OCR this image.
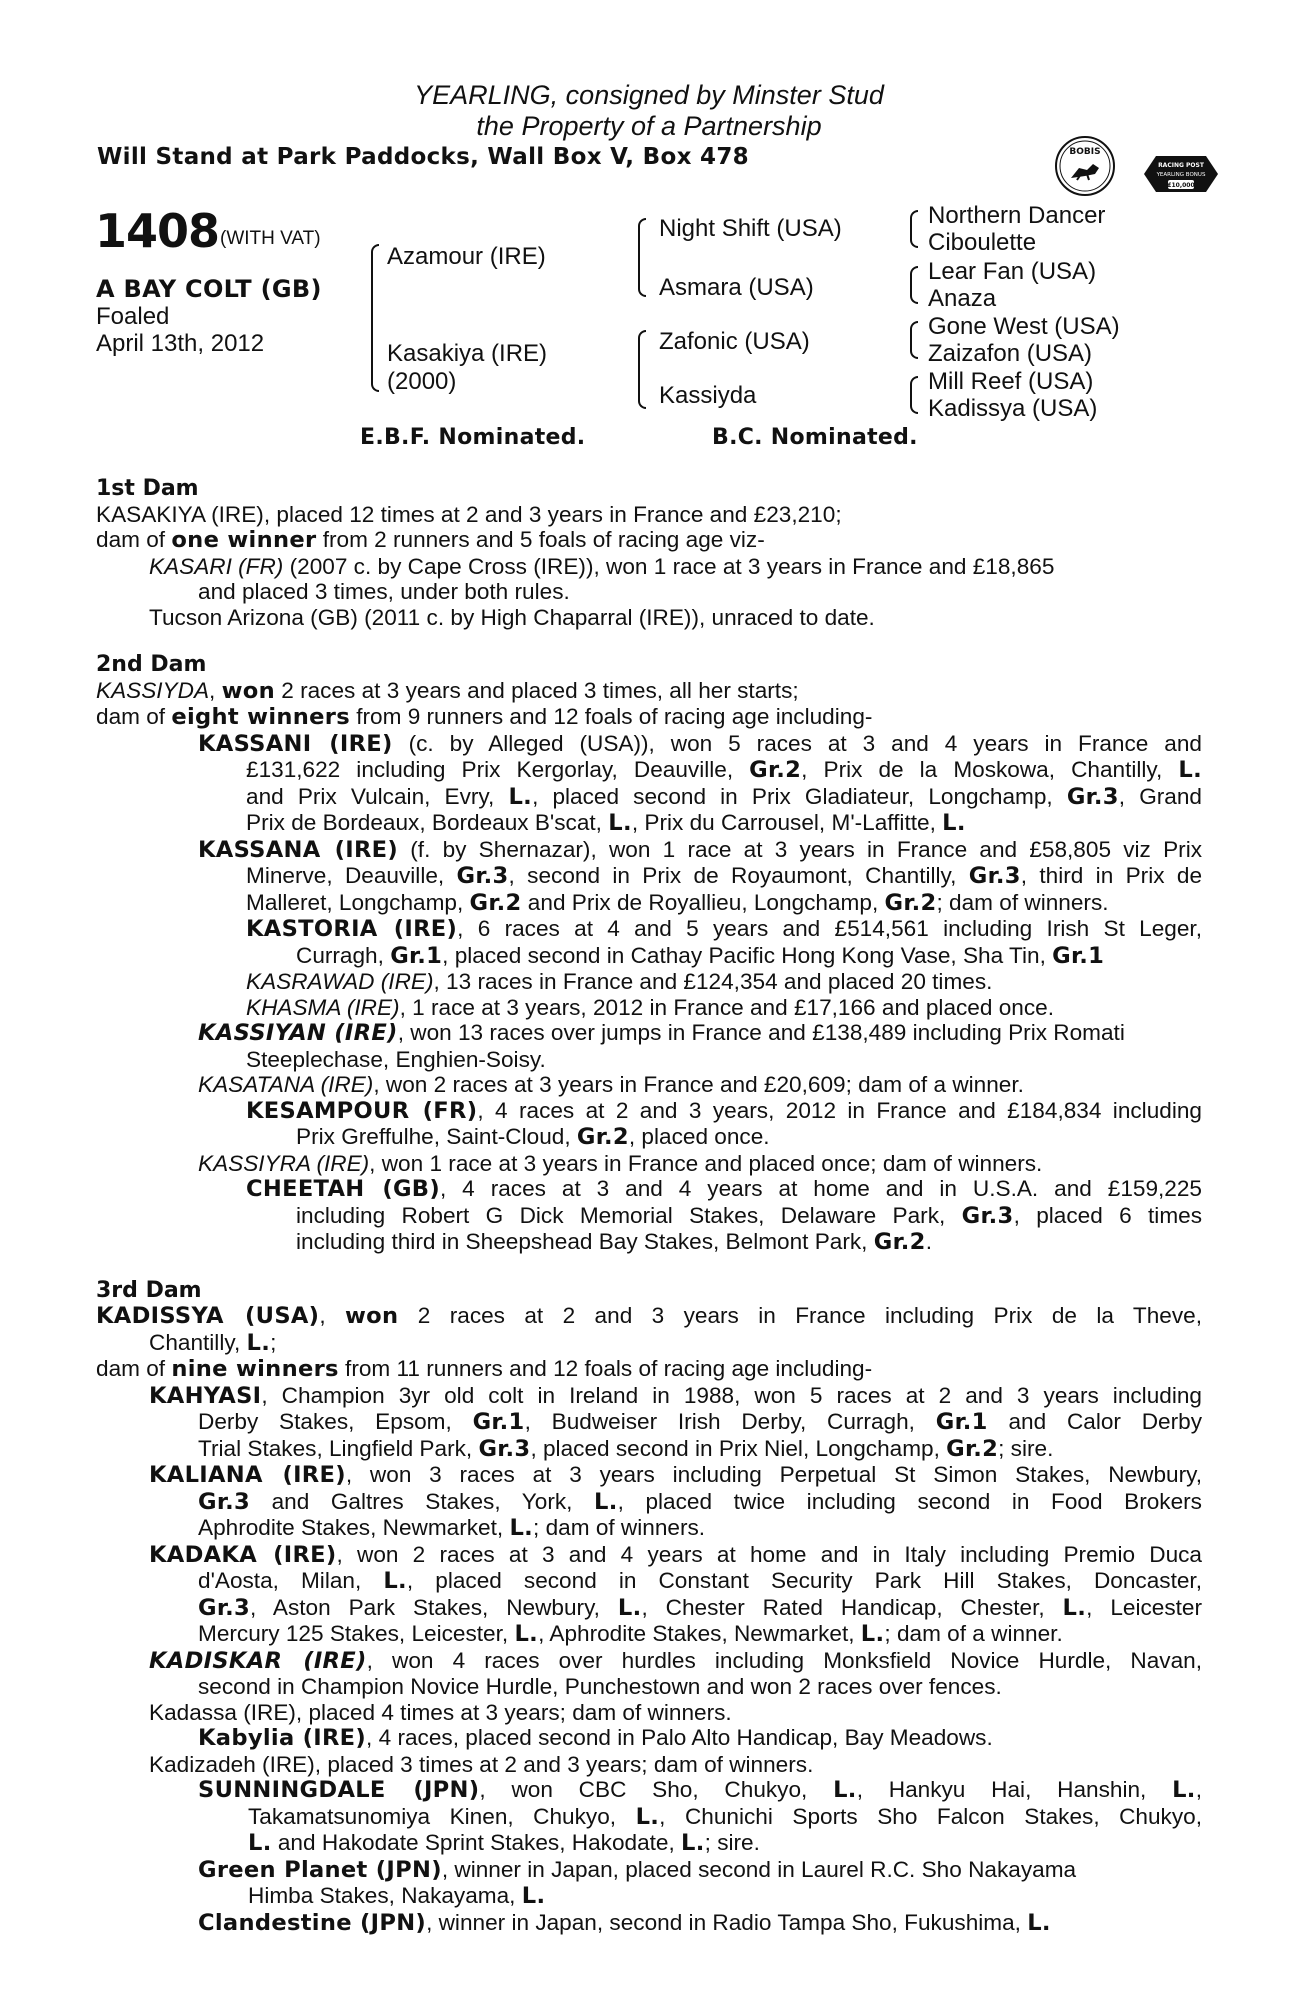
YEARLING, consigned by Minster Stud
the Property of a Partnership
Will Stand at Park Paddocks, Wall Box V, Box 478	BOBIS
RACING POST
YEARLING BONUS
£10,000
1408 (WITH VAT)
A BAY COLT (GB)
Foaled
April 13th, 2012
Azamour (IRE)
Kasakiya (IRE)
(2000)
Night Shift (USA)
Asmara (USA)
Zafonic (USA)
Kassiyda
Northern Dancer
Ciboulette
Lear Fan (USA)
Anaza
Gone West (USA)
Zaizafon (USA)
Mill Reef (USA)
Kadissya (USA)
E.B.F. Nominated.	B.C. Nominated.
1st Dam
KASAKIYA (IRE), placed 12 times at 2 and 3 years in France and £23,210;
dam of one winner from 2 runners and 5 foals of racing age viz-
KASARI (FR) (2007 c. by Cape Cross (IRE)), won 1 race at 3 years in France and £18,865
and placed 3 times, under both rules.
Tucson Arizona (GB) (2011 c. by High Chaparral (IRE)), unraced to date.
2nd Dam
KASSIYDA, won 2 races at 3 years and placed 3 times, all her starts;
dam of eight winners from 9 runners and 12 foals of racing age including-
KASSANI (IRE) (c. by Alleged (USA)), won 5 races at 3 and 4 years in France and
£131,622 including Prix Kergorlay, Deauville, Gr.2, Prix de la Moskowa, Chantilly, L.
and Prix Vulcain, Evry, L., placed second in Prix Gladiateur, Longchamp, Gr.3, Grand
Prix de Bordeaux, Bordeaux B'scat, L., Prix du Carrousel, M'-Laffitte, L.
KASSANA (IRE) (f. by Shernazar), won 1 race at 3 years in France and £58,805 viz Prix
Minerve, Deauville, Gr.3, second in Prix de Royaumont, Chantilly, Gr.3, third in Prix de
Malleret, Longchamp, Gr.2 and Prix de Royallieu, Longchamp, Gr.2; dam of winners.
KASTORIA (IRE), 6 races at 4 and 5 years and £514,561 including Irish St Leger,
Curragh, Gr.1, placed second in Cathay Pacific Hong Kong Vase, Sha Tin, Gr.1
KASRAWAD (IRE), 13 races in France and £124,354 and placed 20 times.
KHASMA (IRE), 1 race at 3 years, 2012 in France and £17,166 and placed once.
KASSIYAN (IRE), won 13 races over jumps in France and £138,489 including Prix Romati
Steeplechase, Enghien-Soisy.
KASATANA (IRE), won 2 races at 3 years in France and £20,609; dam of a winner.
KESAMPOUR (FR), 4 races at 2 and 3 years, 2012 in France and £184,834 including
Prix Greffulhe, Saint-Cloud, Gr.2, placed once.
KASSIYRA (IRE), won 1 race at 3 years in France and placed once; dam of winners.
CHEETAH (GB), 4 races at 3 and 4 years at home and in U.S.A. and £159,225
including Robert G Dick Memorial Stakes, Delaware Park, Gr.3, placed 6 times
including third in Sheepshead Bay Stakes, Belmont Park, Gr.2.
3rd Dam
KADISSYA (USA), won 2 races at 2 and 3 years in France including Prix de la Theve,
Chantilly, L.;
dam of nine winners from 11 runners and 12 foals of racing age including-
KAHYASI, Champion 3yr old colt in Ireland in 1988, won 5 races at 2 and 3 years including
Derby Stakes, Epsom, Gr.1, Budweiser Irish Derby, Curragh, Gr.1 and Calor Derby
Trial Stakes, Lingfield Park, Gr.3, placed second in Prix Niel, Longchamp, Gr.2; sire.
KALIANA (IRE), won 3 races at 3 years including Perpetual St Simon Stakes, Newbury,
Gr.3 and Galtres Stakes, York, L., placed twice including second in Food Brokers
Aphrodite Stakes, Newmarket, L.; dam of winners.
KADAKA (IRE), won 2 races at 3 and 4 years at home and in Italy including Premio Duca
d'Aosta, Milan, L., placed second in Constant Security Park Hill Stakes, Doncaster,
Gr.3, Aston Park Stakes, Newbury, L., Chester Rated Handicap, Chester, L., Leicester
Mercury 125 Stakes, Leicester, L., Aphrodite Stakes, Newmarket, L.; dam of a winner.
KADISKAR (IRE), won 4 races over hurdles including Monksfield Novice Hurdle, Navan,
second in Champion Novice Hurdle, Punchestown and won 2 races over fences.
Kadassa (IRE), placed 4 times at 3 years; dam of winners.
Kabylia (IRE), 4 races, placed second in Palo Alto Handicap, Bay Meadows.
Kadizadeh (IRE), placed 3 times at 2 and 3 years; dam of winners.
SUNNINGDALE (JPN), won CBC Sho, Chukyo, L., Hankyu Hai, Hanshin, L.,
Takamatsunomiya Kinen, Chukyo, L., Chunichi Sports Sho Falcon Stakes, Chukyo,
L. and Hakodate Sprint Stakes, Hakodate, L.; sire.
Green Planet (JPN), winner in Japan, placed second in Laurel R.C. Sho Nakayama
Himba Stakes, Nakayama, L.
Clandestine (JPN), winner in Japan, second in Radio Tampa Sho, Fukushima, L.
